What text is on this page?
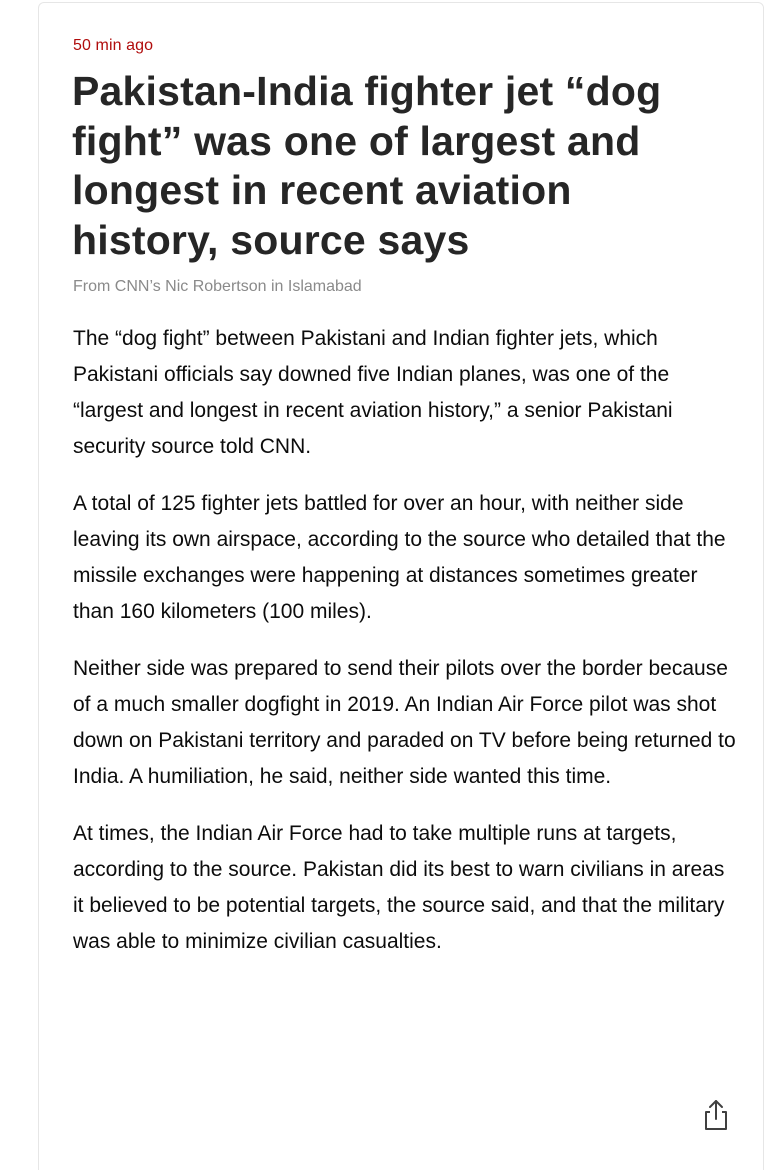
50 min ago
Pakistan-India fighter jet “dog fight” was one of largest and longest in recent aviation history, source says
From CNN’s Nic Robertson in Islamabad

The “dog fight” between Pakistani and Indian fighter jets, which Pakistani officials say downed five Indian planes, was one of the “largest and longest in recent aviation history,” a senior Pakistani security source told CNN.

A total of 125 fighter jets battled for over an hour, with neither side leaving its own airspace, according to the source who detailed that the missile exchanges were happening at distances sometimes greater than 160 kilometers (100 miles).

Neither side was prepared to send their pilots over the border because of a much smaller dogfight in 2019. An Indian Air Force pilot was shot down on Pakistani territory and paraded on TV before being returned to India. A humiliation, he said, neither side wanted this time.

At times, the Indian Air Force had to take multiple runs at targets, according to the source. Pakistan did its best to warn civilians in areas it believed to be potential targets, the source said, and that the military was able to minimize civilian casualties.
